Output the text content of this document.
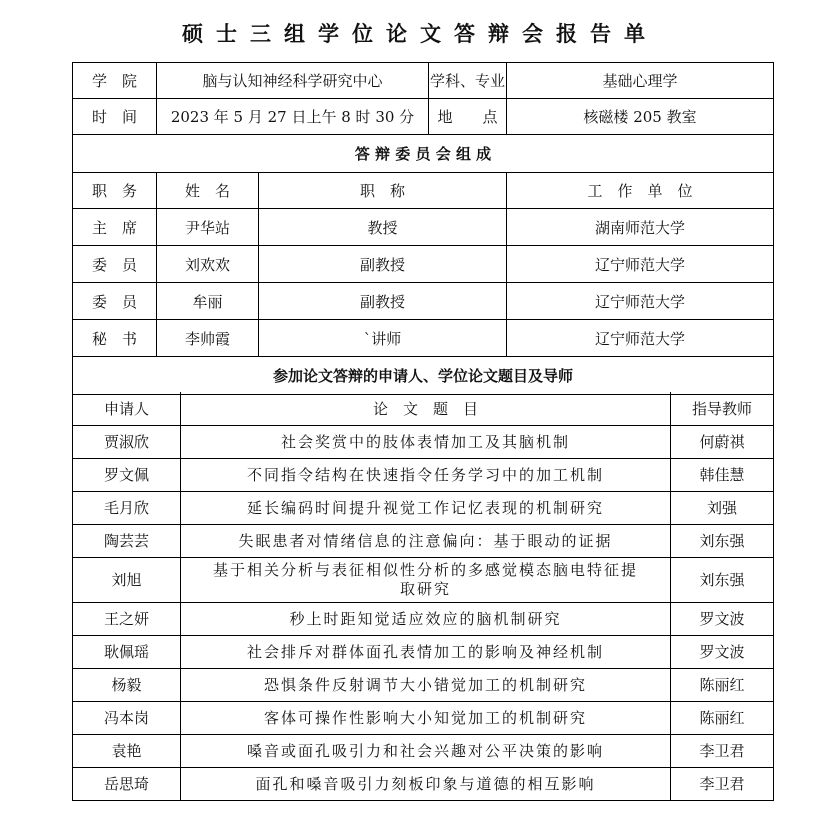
硕士三组学位论文答辩会报告单
学　院	脑与认知神经科学研究中心		学科、专业	基础心理学
时　间	2023 年 5 月 27 日上午 8 时 30 分		地　　点	核磁楼 205 教室
答 辩 委 员 会 组 成				
职　务	姓　名	职　称		工　作　单　位
主　席	尹华站	教授		湖南师范大学
委　员	刘欢欢	副教授		辽宁师范大学
委　员	牟丽	副教授		辽宁师范大学
秘　书	李帅霞	`讲师		辽宁师范大学
参加论文答辩的申请人、学位论文题目及导师				
申请人	论　文　题　目	指导教师
贾淑欣	社会奖赏中的肢体表情加工及其脑机制	何蔚祺
罗文佩	不同指令结构在快速指令任务学习中的加工机制	韩佳慧
毛月欣	延长编码时间提升视觉工作记忆表现的机制研究	刘强
陶芸芸	失眠患者对情绪信息的注意偏向：基于眼动的证据	刘东强
刘旭	基于相关分析与表征相似性分析的多感觉模态脑电特征提取研究	刘东强
王之妍	秒上时距知觉适应效应的脑机制研究	罗文波
耿佩瑶	社会排斥对群体面孔表情加工的影响及神经机制	罗文波
杨毅	恐惧条件反射调节大小错觉加工的机制研究	陈丽红
冯本岗	客体可操作性影响大小知觉加工的机制研究	陈丽红
袁艳	嗓音或面孔吸引力和社会兴趣对公平决策的影响	李卫君
岳思琦	面孔和嗓音吸引力刻板印象与道德的相互影响	李卫君
